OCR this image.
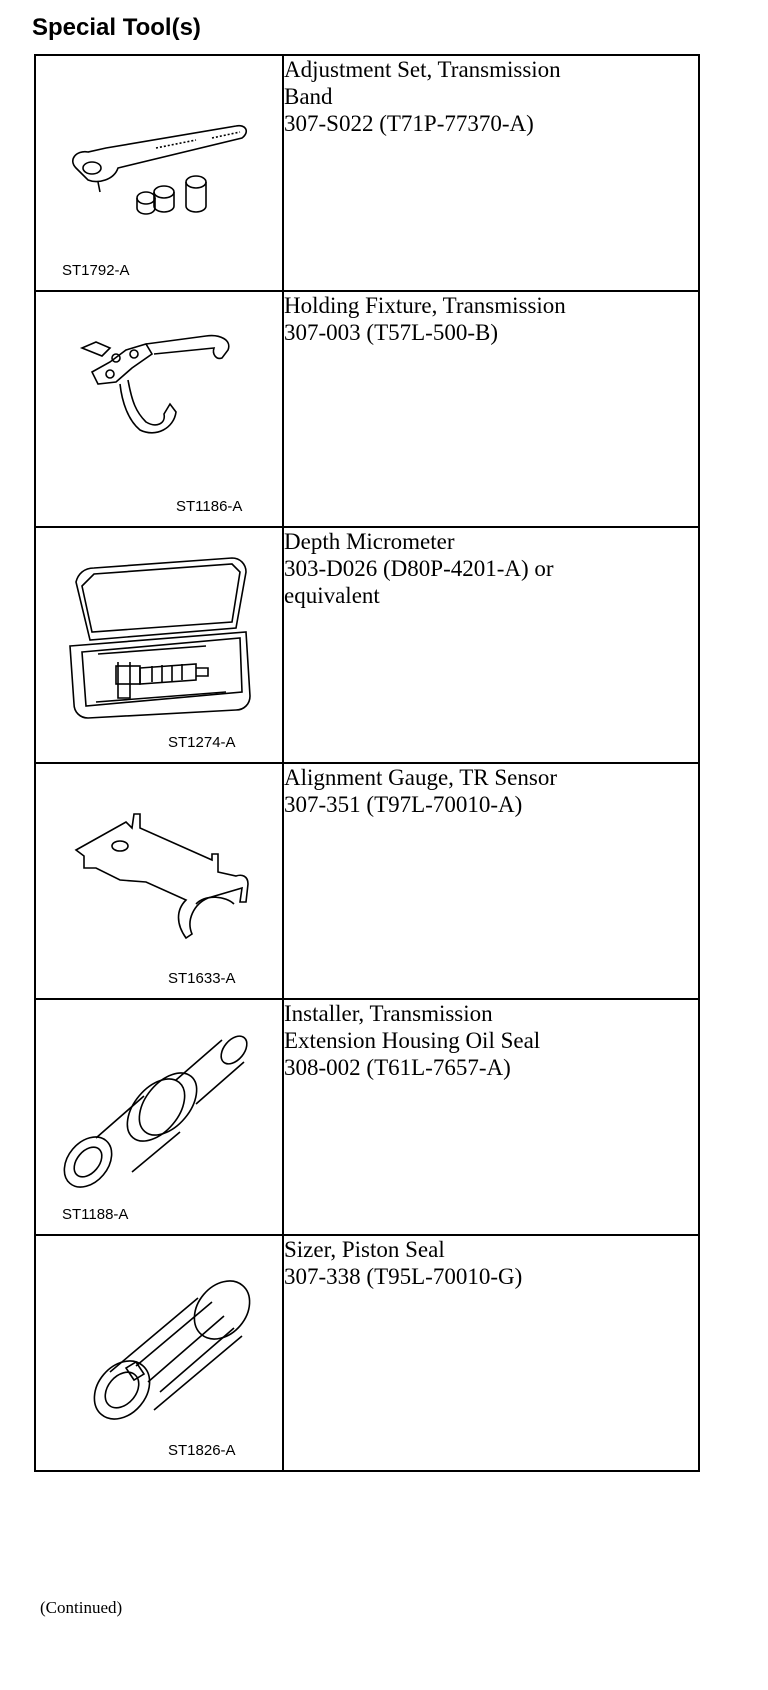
Special Tool(s)
ST1792-A	Adjustment Set, Transmission
Band
307-S022 (T71P-77370-A)

ST1186-A	Holding Fixture, Transmission
307-003 (T57L-500-B)

ST1274-A	Depth Micrometer
303-D026 (D80P-4201-A) or
equivalent

ST1633-A	Alignment Gauge, TR Sensor
307-351 (T97L-70010-A)

ST1188-A	Installer, Transmission
Extension Housing Oil Seal
308-002 (T61L-7657-A)

ST1826-A	Sizer, Piston Seal
307-338 (T95L-70010-G)
(Continued)
